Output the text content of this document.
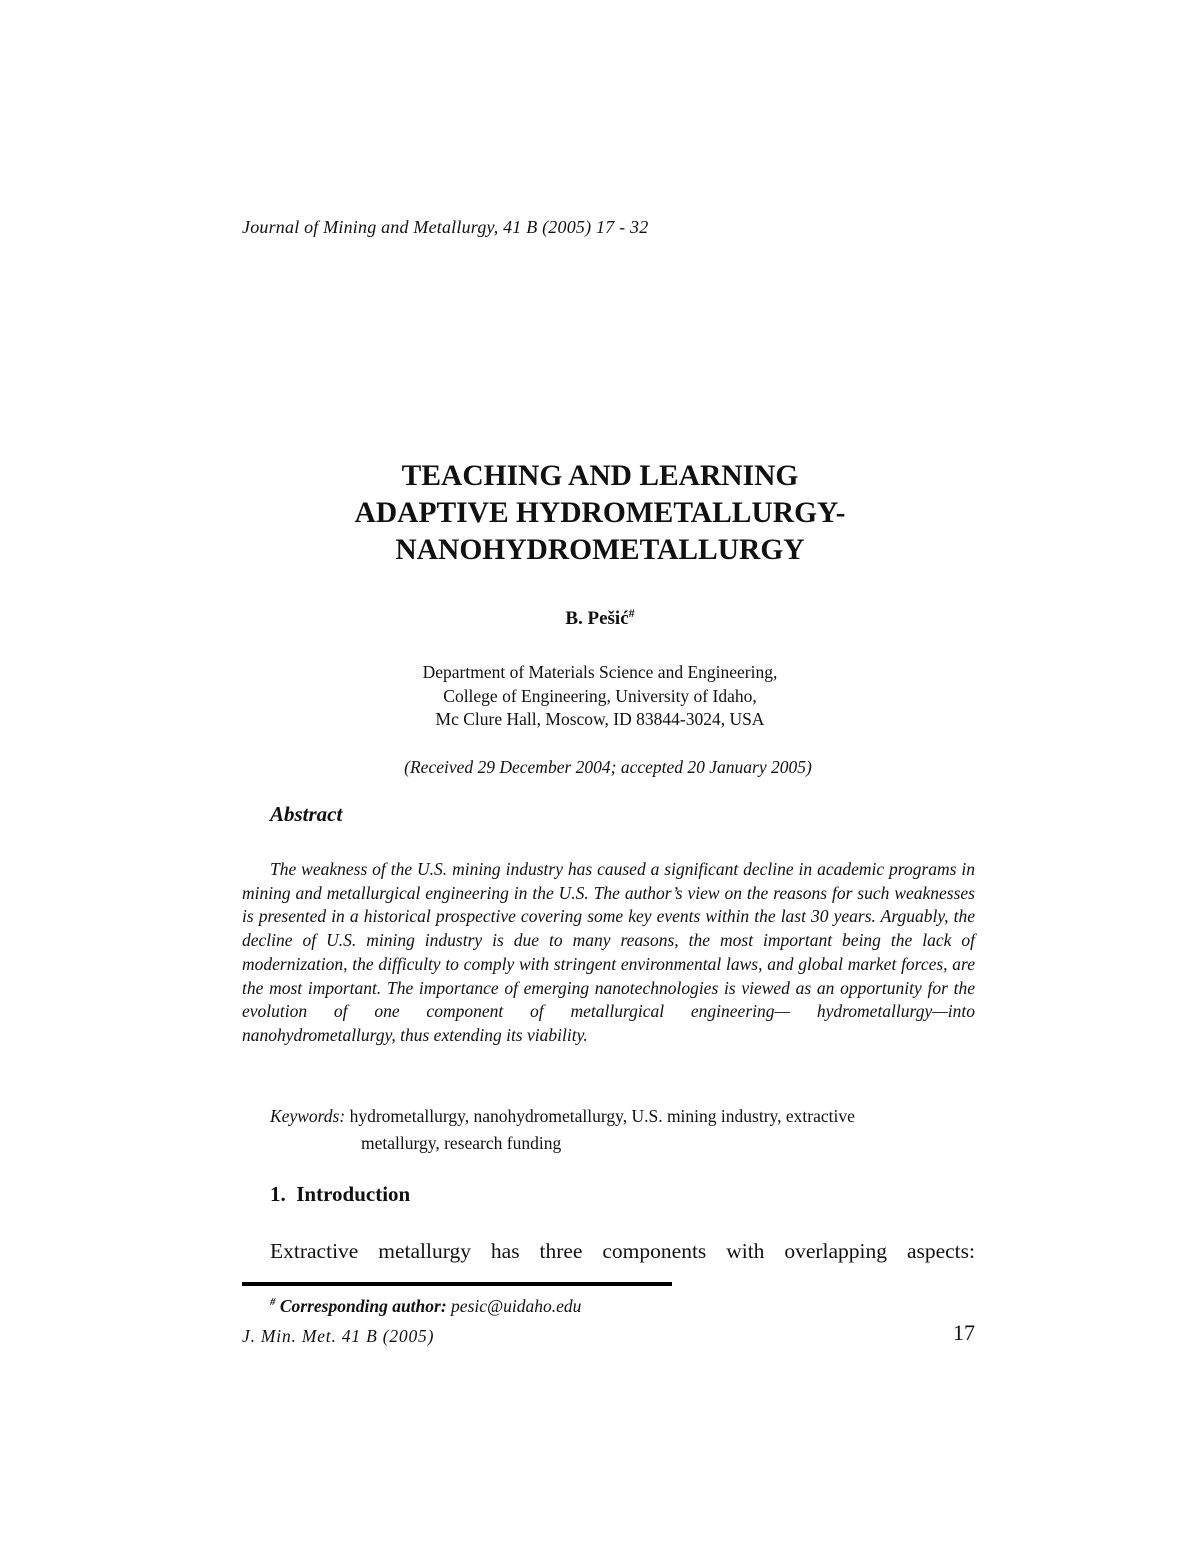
Journal of Mining and Metallurgy, 41 B (2005) 17 - 32
TEACHING AND LEARNING
ADAPTIVE HYDROMETALLURGY-
NANOHYDROMETALLURGY
B. Pešić#
Department of Materials Science and Engineering,
College of Engineering, University of Idaho,
Mc Clure Hall, Moscow, ID 83844-3024, USA
(Received 29 December 2004; accepted 20 January 2005)
Abstract
The weakness of the U.S. mining industry has caused a significant decline in academic programs in mining and metallurgical engineering in the U.S. The author’s view on the reasons for such weaknesses is presented in a historical prospective covering some key events within the last 30 years. Arguably, the decline of U.S. mining industry is due to many reasons, the most important being the lack of modernization, the difficulty to comply with stringent environmental laws, and global market forces, are the most important. The importance of emerging nanotechnologies is viewed as an opportunity for the evolution of one component of metallurgical engineering— hydrometallurgy—into nanohydrometallurgy, thus extending its viability.
Keywords: hydrometallurgy, nanohydrometallurgy, U.S. mining industry, extractive
metallurgy, research funding
1. Introduction
Extractive metallurgy has three components with overlapping aspects:
# Corresponding author: pesic@uidaho.edu
J. Min. Met. 41 B (2005)	17
